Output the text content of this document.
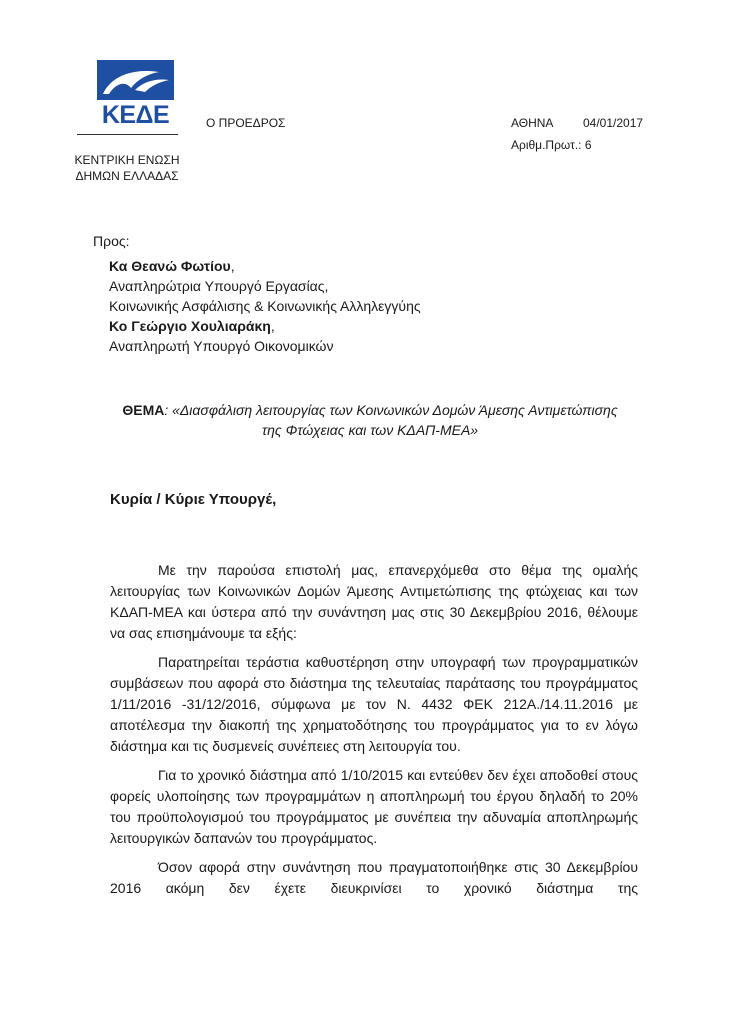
ΚΕΔΕ
ΚΕΝΤΡΙΚΗ ΕΝΩΣΗ
ΔΗΜΩΝ ΕΛΛΑΔΑΣ
Ο ΠΡΟΕΔΡΟΣ	ΑΘΗΝΑ 04/01/2017
Αριθμ.Πρωτ.: 6
Προς:
Κα Θεανώ Φωτίου,
Αναπληρώτρια Υπουργό Εργασίας,
Κοινωνικής Ασφάλισης & Κοινωνικής Αλληλεγγύης
Κο Γεώργιο Χουλιαράκη,
Αναπληρωτή Υπουργό Οικονομικών
ΘΕΜΑ: «Διασφάλιση λειτουργίας των Κοινωνικών Δομών Άμεσης Αντιμετώπισης
της Φτώχειας και των ΚΔΑΠ-ΜΕΑ»
Κυρία / Κύριε Υπουργέ,

Με την παρούσα επιστολή μας, επανερχόμεθα στο θέμα της ομαλής λειτουργίας των Κοινωνικών Δομών Άμεσης Αντιμετώπισης της φτώχειας και των ΚΔΑΠ-ΜΕΑ και ύστερα από την συνάντηση μας στις 30 Δεκεμβρίου 2016, θέλουμε να σας επισημάνουμε τα εξής:

Παρατηρείται τεράστια καθυστέρηση στην υπογραφή των προγραμματικών συμβάσεων που αφορά στο διάστημα της τελευταίας παράτασης του προγράμματος 1/11/2016 -31/12/2016, σύμφωνα με τον Ν. 4432 ΦΕΚ 212Α./14.11.2016 με αποτέλεσμα την διακοπή της χρηματοδότησης του προγράμματος για το εν λόγω διάστημα και τις δυσμενείς συνέπειες στη λειτουργία του.

Για το χρονικό διάστημα από 1/10/2015 και εντεύθεν δεν έχει αποδοθεί στους φορείς υλοποίησης των προγραμμάτων η αποπληρωμή του έργου δηλαδή το 20% του προϋπολογισμού του προγράμματος με συνέπεια την αδυναμία αποπληρωμής λειτουργικών δαπανών του προγράμματος.

Όσον αφορά στην συνάντηση που πραγματοποιήθηκε στις 30 Δεκεμβρίου 2016 ακόμη δεν έχετε διευκρινίσει το χρονικό διάστημα της
